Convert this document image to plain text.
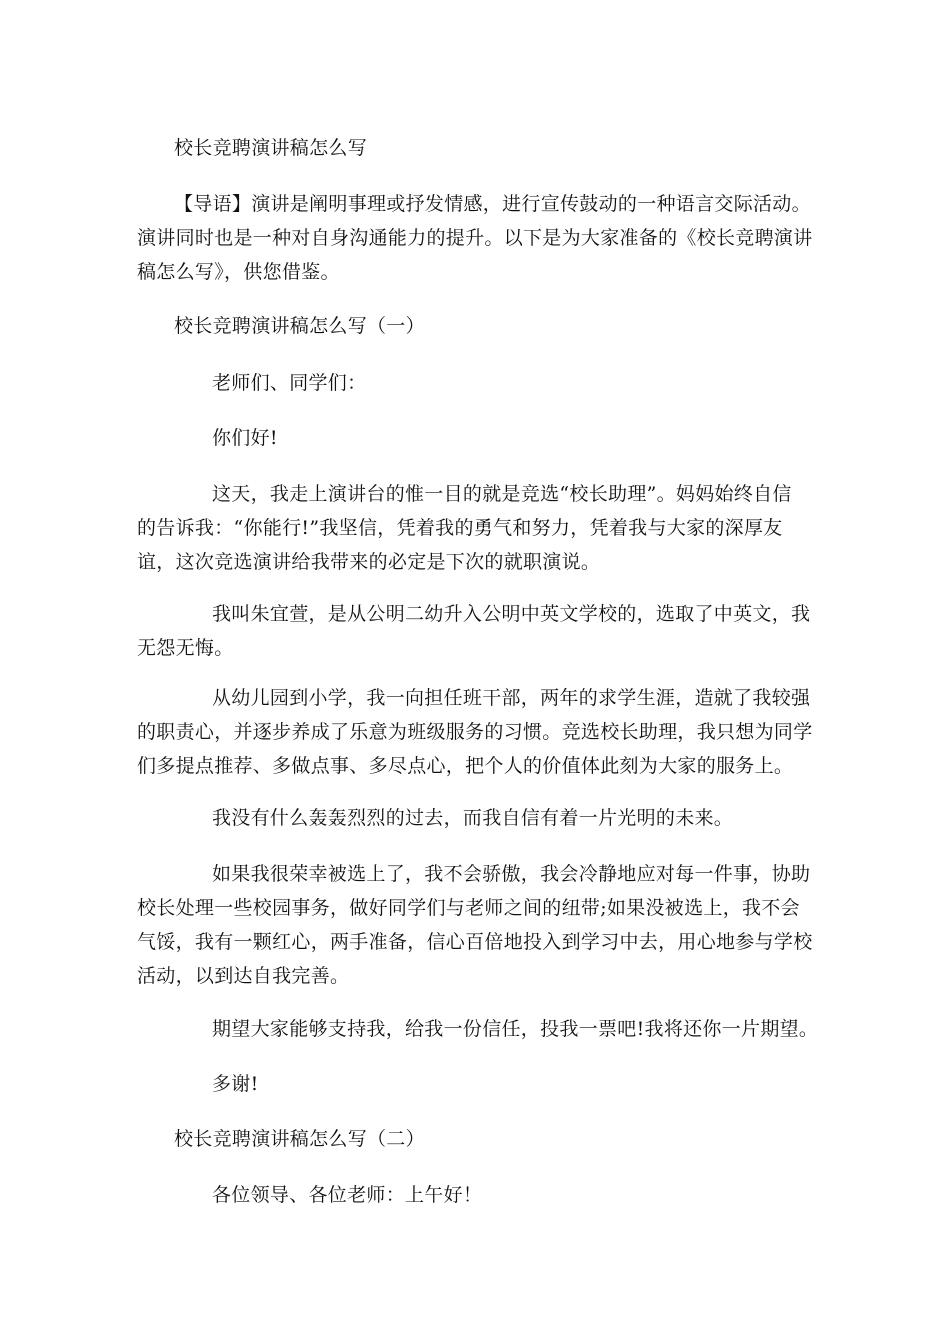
校长竞聘演讲稿怎么写
【导语】演讲是阐明事理或抒发情感，进行宣传鼓动的一种语言交际活动。
演讲同时也是一种对自身沟通能力的提升。以下是为大家准备的《校长竞聘演讲
稿怎么写》，供您借鉴。
校长竞聘演讲稿怎么写（一）
老师们、同学们：
你们好!
这天，我走上演讲台的惟一目的就是竞选“校长助理”。妈妈始终自信
的告诉我：“你能行!”我坚信，凭着我的勇气和努力，凭着我与大家的深厚友
谊，这次竞选演讲给我带来的必定是下次的就职演说。
我叫朱宜萱，是从公明二幼升入公明中英文学校的，选取了中英文，我
无怨无悔。
从幼儿园到小学，我一向担任班干部，两年的求学生涯，造就了我较强
的职责心，并逐步养成了乐意为班级服务的习惯。竞选校长助理，我只想为同学
们多提点推荐、多做点事、多尽点心，把个人的价值体此刻为大家的服务上。
我没有什么轰轰烈烈的过去，而我自信有着一片光明的未来。
如果我很荣幸被选上了，我不会骄傲，我会冷静地应对每一件事，协助
校长处理一些校园事务，做好同学们与老师之间的纽带;如果没被选上，我不会
气馁，我有一颗红心，两手准备，信心百倍地投入到学习中去，用心地参与学校
活动，以到达自我完善。
期望大家能够支持我，给我一份信任，投我一票吧!我将还你一片期望。
多谢!
校长竞聘演讲稿怎么写（二）
各位领导、各位老师：上午好！
